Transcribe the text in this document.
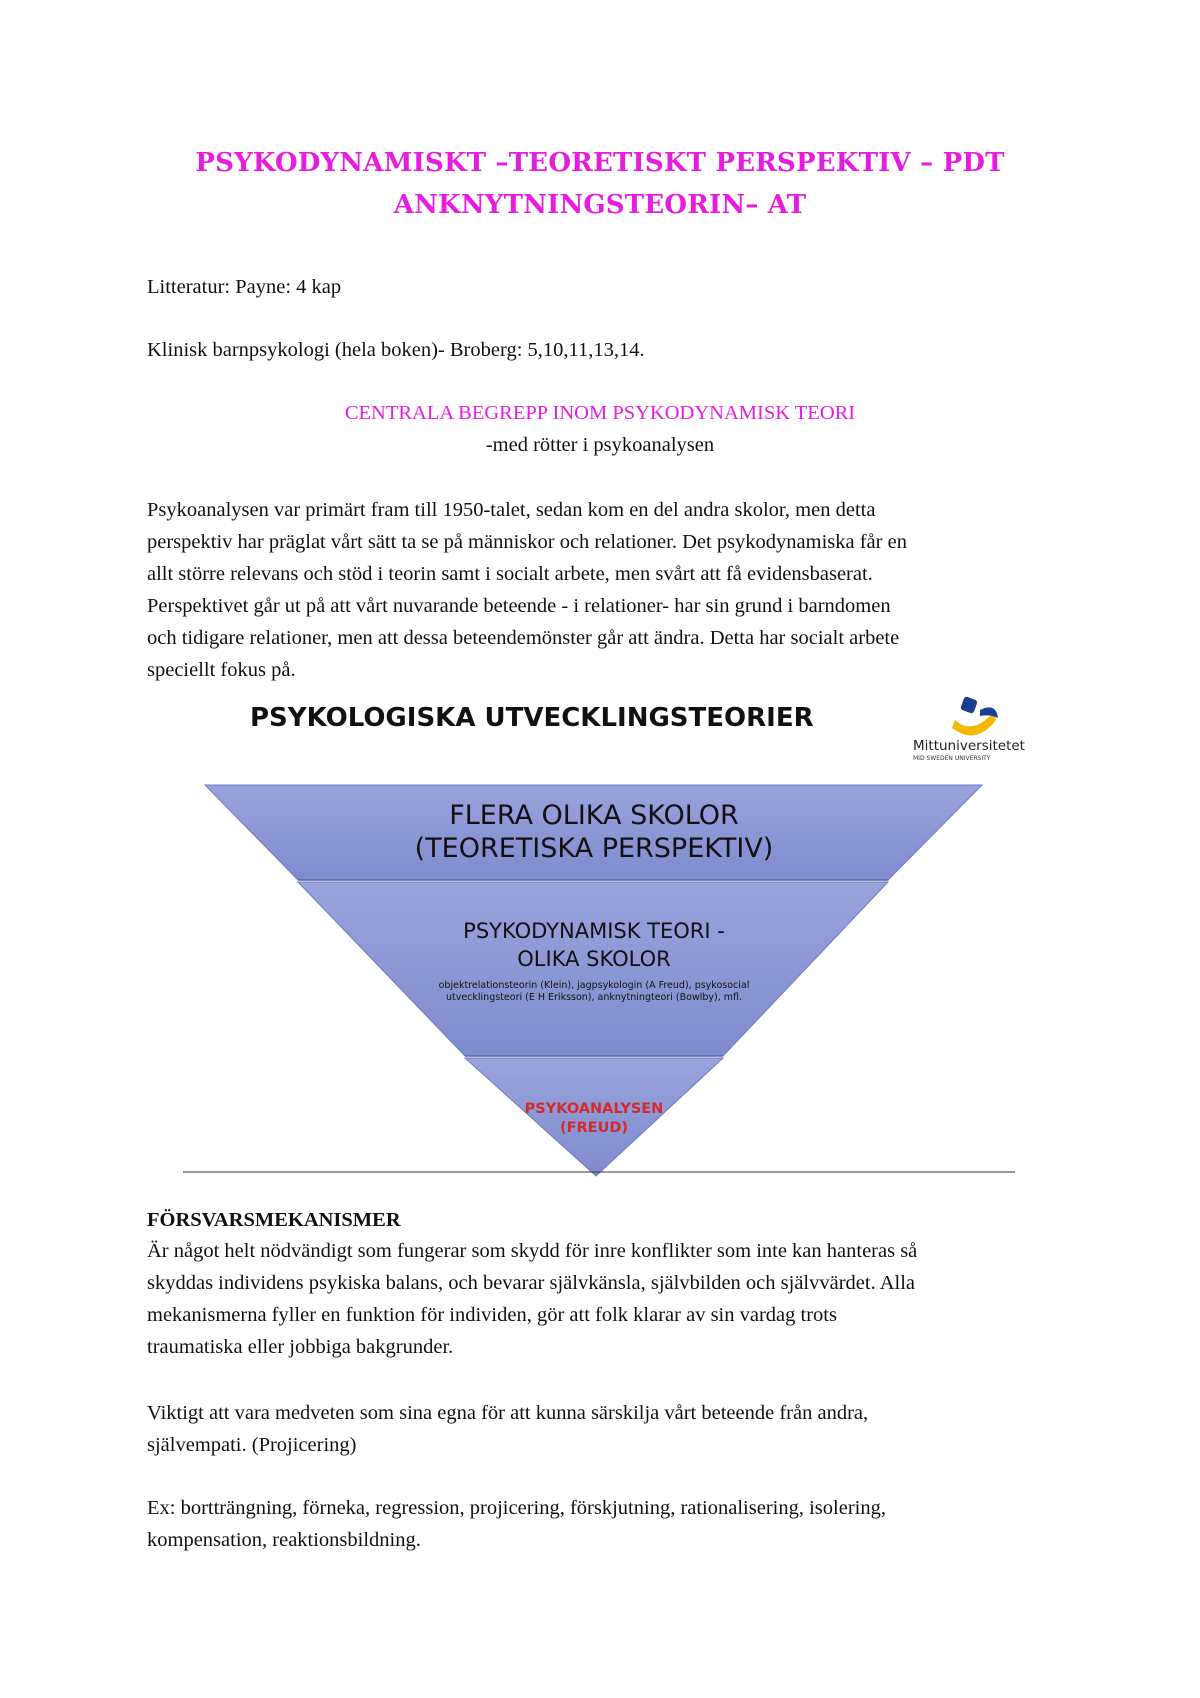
PSYKODYNAMISKT –TEORETISKT PERSPEKTIV – PDT
ANKNYTNINGSTEORIN– AT
Litteratur: Payne: 4 kap
Klinisk barnpsykologi (hela boken)- Broberg: 5,10,11,13,14.
CENTRALA BEGREPP INOM PSYKODYNAMISK TEORI
-med rötter i psykoanalysen
Psykoanalysen var primärt fram till 1950-talet, sedan kom en del andra skolor, men detta
perspektiv har präglat vårt sätt ta se på människor och relationer. Det psykodynamiska får en
allt större relevans och stöd i teorin samt i socialt arbete, men svårt att få evidensbaserat.
Perspektivet går ut på att vårt nuvarande beteende - i relationer- har sin grund i barndomen
och tidigare relationer, men att dessa beteendemönster går att ändra. Detta har socialt arbete
speciellt fokus på.
PSYKOLOGISKA UTVECKLINGSTEORIER
Mittuniversitetet
MID SWEDEN UNIVERSITY
FLERA OLIKA SKOLOR
(TEORETISKA PERSPEKTIV)
PSYKODYNAMISK TEORI -
OLIKA SKOLOR
objektrelationsteorin (Klein), jagpsykologin (A Freud), psykosocial
utvecklingsteori (E H Eriksson), anknytningteori (Bowlby), mfl.
PSYKOANALYSEN
(FREUD)
FÖRSVARSMEKANISMER
Är något helt nödvändigt som fungerar som skydd för inre konflikter som inte kan hanteras så
skyddas individens psykiska balans, och bevarar självkänsla, självbilden och självvärdet. Alla
mekanismerna fyller en funktion för individen, gör att folk klarar av sin vardag trots
traumatiska eller jobbiga bakgrunder.
Viktigt att vara medveten som sina egna för att kunna särskilja vårt beteende från andra,
självempati. (Projicering)
Ex: bortträngning, förneka, regression, projicering, förskjutning, rationalisering, isolering,
kompensation, reaktionsbildning.
